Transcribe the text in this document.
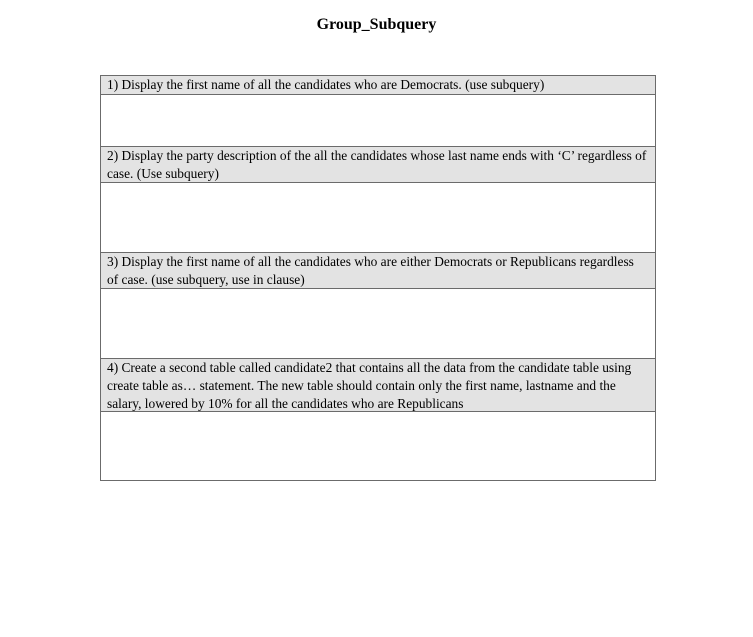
Group_Subquery
1) Display the first name of all the candidates who are Democrats. (use subquery)
2) Display the party description of the all the candidates whose last name ends with ‘C’ regardless of case. (Use subquery)
3) Display the first name of all the candidates who are either Democrats or Republicans regardless of case. (use subquery, use in clause)
4) Create a second table called candidate2 that contains all the data from the candidate table using create table as… statement. The new table should contain only the first name, lastname and the salary, lowered by 10% for all the candidates who are Republicans
